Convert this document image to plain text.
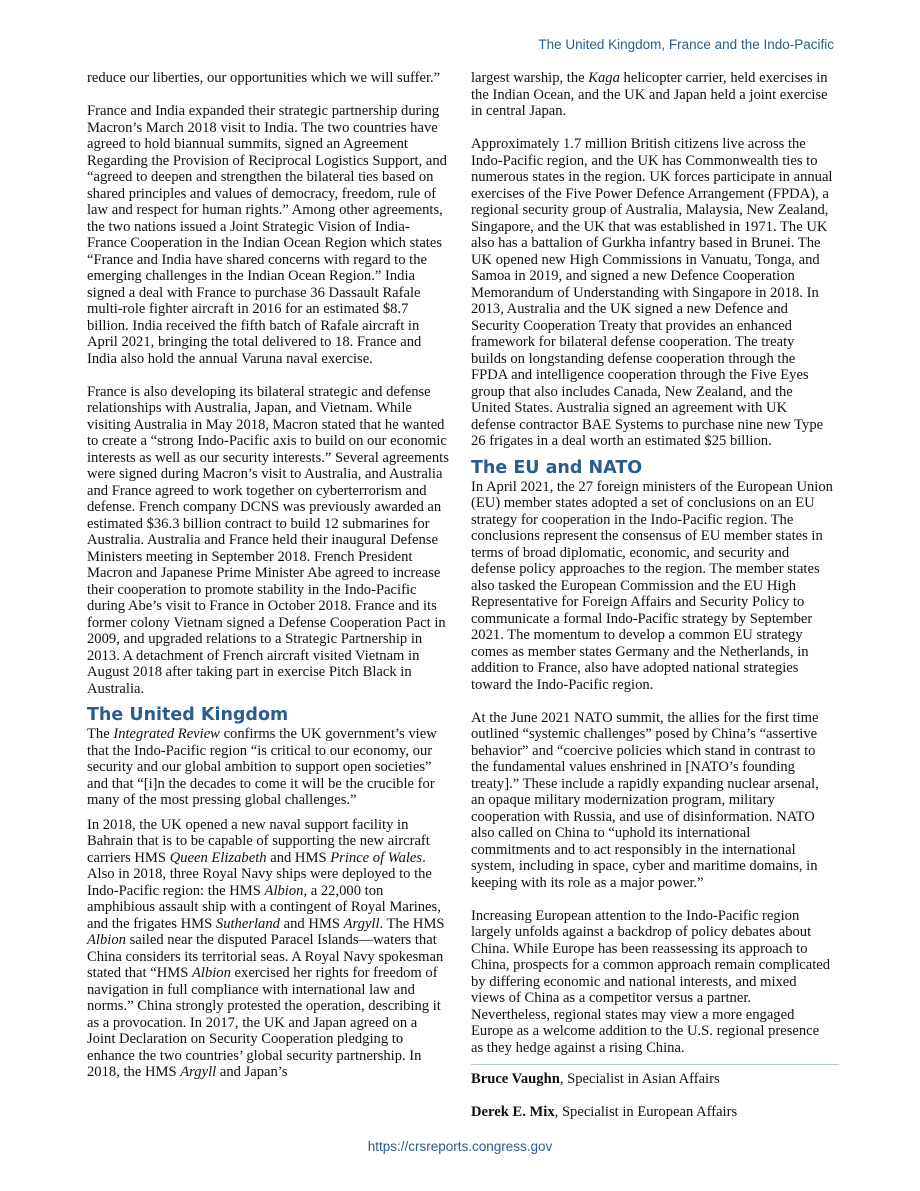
The United Kingdom, France and the Indo-Pacific

reduce our liberties, our opportunities which we will suffer.”

France and India expanded their strategic partnership during Macron’s March 2018 visit to India. The two countries have agreed to hold biannual summits, signed an Agreement Regarding the Provision of Reciprocal Logistics Support, and “agreed to deepen and strengthen the bilateral ties based on shared principles and values of democracy, freedom, rule of law and respect for human rights.” Among other agreements, the two nations issued a Joint Strategic Vision of India-France Cooperation in the Indian Ocean Region which states “France and India have shared concerns with regard to the emerging challenges in the Indian Ocean Region.” India signed a deal with France to purchase 36 Dassault Rafale multi-role fighter aircraft in 2016 for an estimated $8.7 billion. India received the fifth batch of Rafale aircraft in April 2021, bringing the total delivered to 18. France and India also hold the annual Varuna naval exercise.

France is also developing its bilateral strategic and defense relationships with Australia, Japan, and Vietnam. While visiting Australia in May 2018, Macron stated that he wanted to create a “strong Indo-Pacific axis to build on our economic interests as well as our security interests.” Several agreements were signed during Macron’s visit to Australia, and Australia and France agreed to work together on cyberterrorism and defense. French company DCNS was previously awarded an estimated $36.3 billion contract to build 12 submarines for Australia. Australia and France held their inaugural Defense Ministers meeting in September 2018. French President Macron and Japanese Prime Minister Abe agreed to increase their cooperation to promote stability in the Indo-Pacific during Abe’s visit to France in October 2018. France and its former colony Vietnam signed a Defense Cooperation Pact in 2009, and upgraded relations to a Strategic Partnership in 2013. A detachment of French aircraft visited Vietnam in August 2018 after taking part in exercise Pitch Black in Australia.

The United Kingdom

The Integrated Review confirms the UK government’s view that the Indo-Pacific region “is critical to our economy, our security and our global ambition to support open societies” and that “[i]n the decades to come it will be the crucible for many of the most pressing global challenges.”

In 2018, the UK opened a new naval support facility in Bahrain that is to be capable of supporting the new aircraft carriers HMS Queen Elizabeth and HMS Prince of Wales. Also in 2018, three Royal Navy ships were deployed to the Indo-Pacific region: the HMS Albion, a 22,000 ton amphibious assault ship with a contingent of Royal Marines, and the frigates HMS Sutherland and HMS Argyll. The HMS Albion sailed near the disputed Paracel Islands—waters that China considers its territorial seas. A Royal Navy spokesman stated that “HMS Albion exercised her rights for freedom of navigation in full compliance with international law and norms.” China strongly protested the operation, describing it as a provocation. In 2017, the UK and Japan agreed on a Joint Declaration on Security Cooperation pledging to enhance the two countries’ global security partnership. In 2018, the HMS Argyll and Japan’s

largest warship, the Kaga helicopter carrier, held exercises in the Indian Ocean, and the UK and Japan held a joint exercise in central Japan.

Approximately 1.7 million British citizens live across the Indo-Pacific region, and the UK has Commonwealth ties to numerous states in the region. UK forces participate in annual exercises of the Five Power Defence Arrangement (FPDA), a regional security group of Australia, Malaysia, New Zealand, Singapore, and the UK that was established in 1971. The UK also has a battalion of Gurkha infantry based in Brunei. The UK opened new High Commissions in Vanuatu, Tonga, and Samoa in 2019, and signed a new Defence Cooperation Memorandum of Understanding with Singapore in 2018. In 2013, Australia and the UK signed a new Defence and Security Cooperation Treaty that provides an enhanced framework for bilateral defense cooperation. The treaty builds on longstanding defense cooperation through the FPDA and intelligence cooperation through the Five Eyes group that also includes Canada, New Zealand, and the United States. Australia signed an agreement with UK defense contractor BAE Systems to purchase nine new Type 26 frigates in a deal worth an estimated $25 billion.

The EU and NATO

In April 2021, the 27 foreign ministers of the European Union (EU) member states adopted a set of conclusions on an EU strategy for cooperation in the Indo-Pacific region. The conclusions represent the consensus of EU member states in terms of broad diplomatic, economic, and security and defense policy approaches to the region. The member states also tasked the European Commission and the EU High Representative for Foreign Affairs and Security Policy to communicate a formal Indo-Pacific strategy by September 2021. The momentum to develop a common EU strategy comes as member states Germany and the Netherlands, in addition to France, also have adopted national strategies toward the Indo-Pacific region.

At the June 2021 NATO summit, the allies for the first time outlined “systemic challenges” posed by China’s “assertive behavior” and “coercive policies which stand in contrast to the fundamental values enshrined in [NATO’s founding treaty].” These include a rapidly expanding nuclear arsenal, an opaque military modernization program, military cooperation with Russia, and use of disinformation. NATO also called on China to “uphold its international commitments and to act responsibly in the international system, including in space, cyber and maritime domains, in keeping with its role as a major power.”

Increasing European attention to the Indo-Pacific region largely unfolds against a backdrop of policy debates about China. While Europe has been reassessing its approach to China, prospects for a common approach remain complicated by differing economic and national interests, and mixed views of China as a competitor versus a partner. Nevertheless, regional states may view a more engaged Europe as a welcome addition to the U.S. regional presence as they hedge against a rising China.

Bruce Vaughn, Specialist in Asian Affairs

Derek E. Mix, Specialist in European Affairs

https://crsreports.congress.gov
